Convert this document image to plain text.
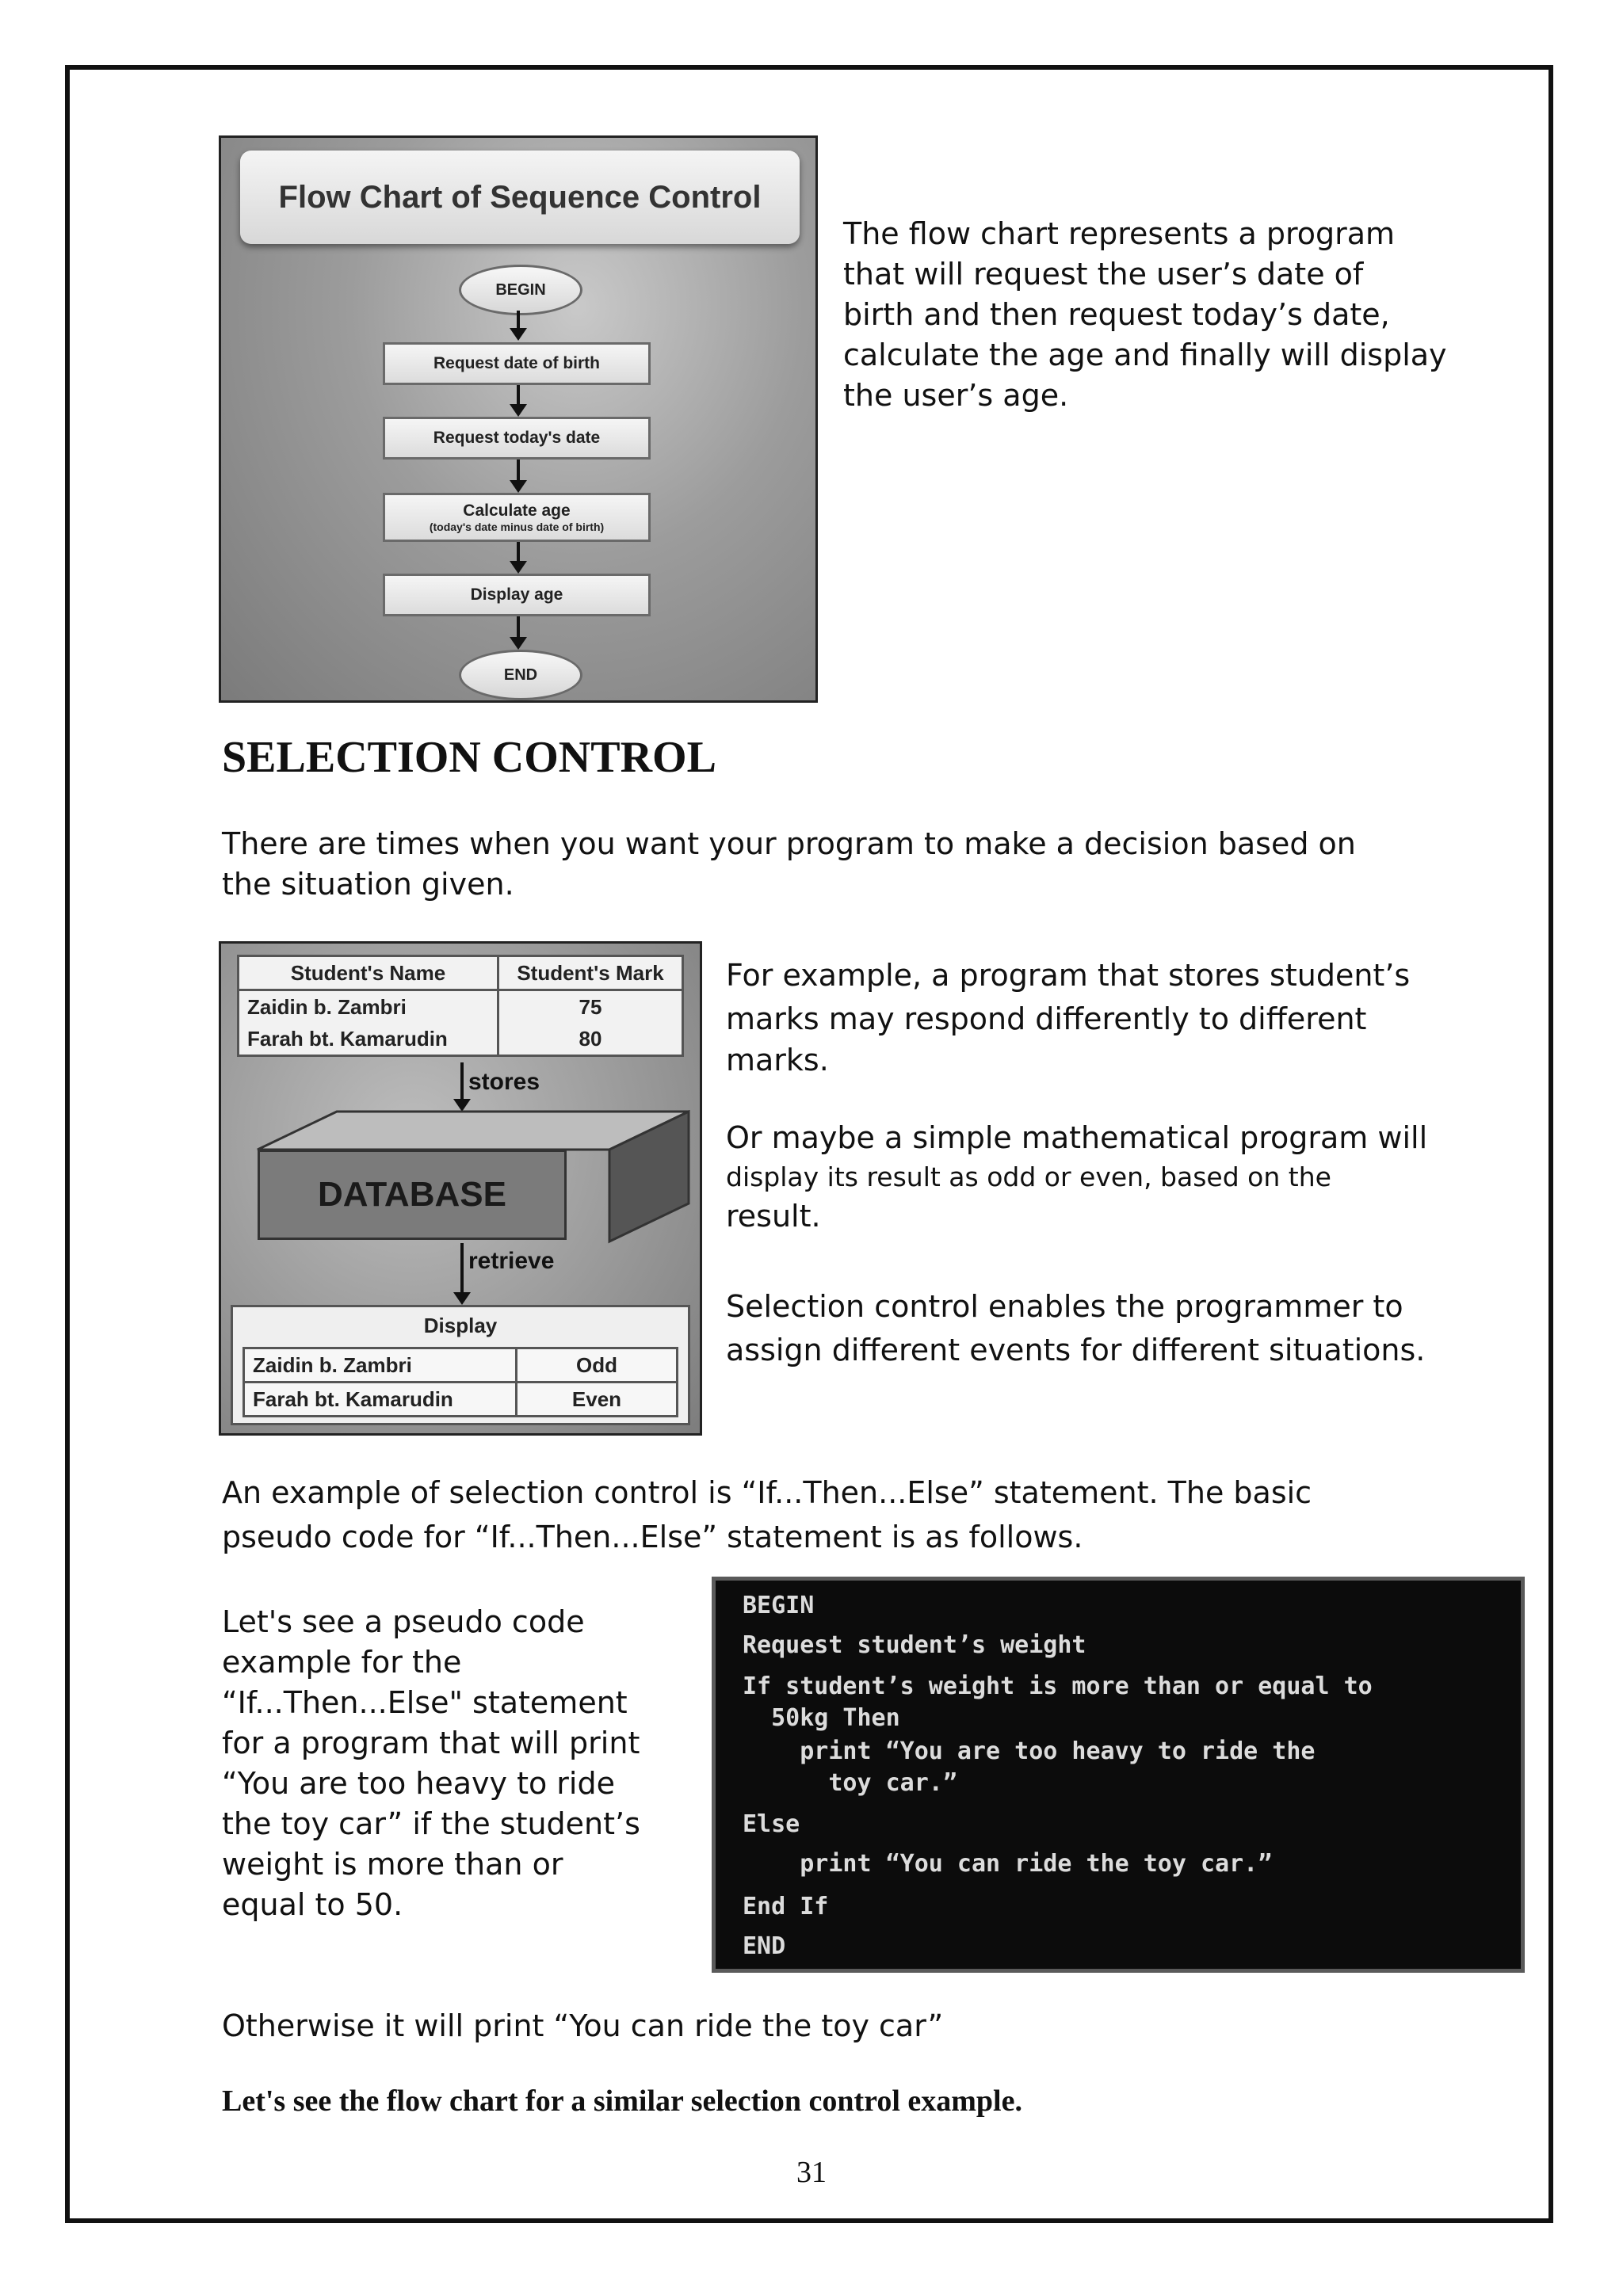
Flow Chart of Sequence Control
BEGIN
Request date of birth
Request today's date
Calculate age
(today's date minus date of birth)
Display age
END

The flow chart represents a program

that will request the user’s date of

birth and then request today’s date,

calculate the age and finally will display

the user’s age.

SELECTION CONTROL

There are times when you want your program to make a decision based on

the situation given.

Student's Name	Student's Mark
Zaidin b. Zambri	75
Farah bt. Kamarudin	80
stores
DATABASE
retrieve
Display
Zaidin b. Zambri	Odd
Farah bt. Kamarudin	Even

For example, a program that stores student’s

marks may respond differently to different

marks.

Or maybe a simple mathematical program will

display its result as odd or even, based on the

result.

Selection control enables the programmer to

assign different events for different situations.

An example of selection control is “If...Then...Else” statement. The basic

pseudo code for “If...Then...Else” statement is as follows.

Let's see a pseudo code

example for the

“If...Then...Else" statement

for a program that will print

“You are too heavy to ride

the toy car” if the student’s

weight is more than or

equal to 50.

BEGIN
Request student’s weight
If student’s weight is more than or equal to
50kg Then
print “You are too heavy to ride the
toy car.”
Else
print “You can ride the toy car.”
End If
END

Otherwise it will print “You can ride the toy car”

Let's see the flow chart for a similar selection control example.

31
